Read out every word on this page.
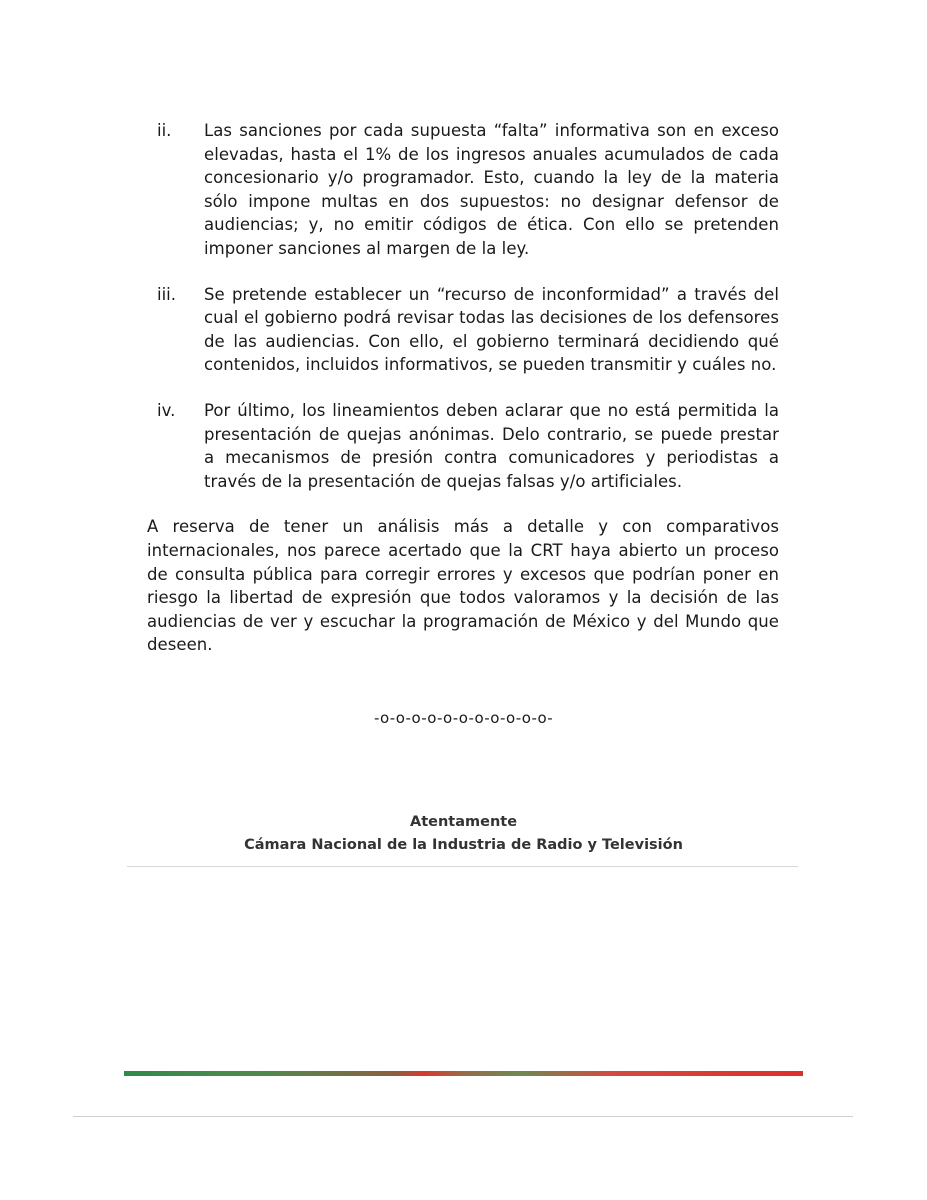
ii. Las sanciones por cada supuesta “falta” informativa son en exceso elevadas, hasta el 1% de los ingresos anuales acumulados de cada concesionario y/o programador. Esto, cuando la ley de la materia sólo impone multas en dos supuestos: no designar defensor de audiencias; y, no emitir códigos de ética. Con ello se pretenden imponer sanciones al margen de la ley.
iii. Se pretende establecer un “recurso de inconformidad” a través del cual el gobierno podrá revisar todas las decisiones de los defensores de las audiencias. Con ello, el gobierno terminará decidiendo qué contenidos, incluidos informativos, se pueden transmitir y cuáles no.
iv. Por último, los lineamientos deben aclarar que no está permitida la presentación de quejas anónimas. Delo contrario, se puede prestar a mecanismos de presión contra comunicadores y periodistas a través de la presentación de quejas falsas y/o artificiales.
A reserva de tener un análisis más a detalle y con comparativos internacionales, nos parece acertado que la CRT haya abierto un proceso de consulta pública para corregir errores y excesos que podrían poner en riesgo la libertad de expresión que todos valoramos y la decisión de las audiencias de ver y escuchar la programación de México y del Mundo que deseen.
-o-o-o-o-o-o-o-o-o-o-o-
Atentamente
Cámara Nacional de la Industria de Radio y Televisión
